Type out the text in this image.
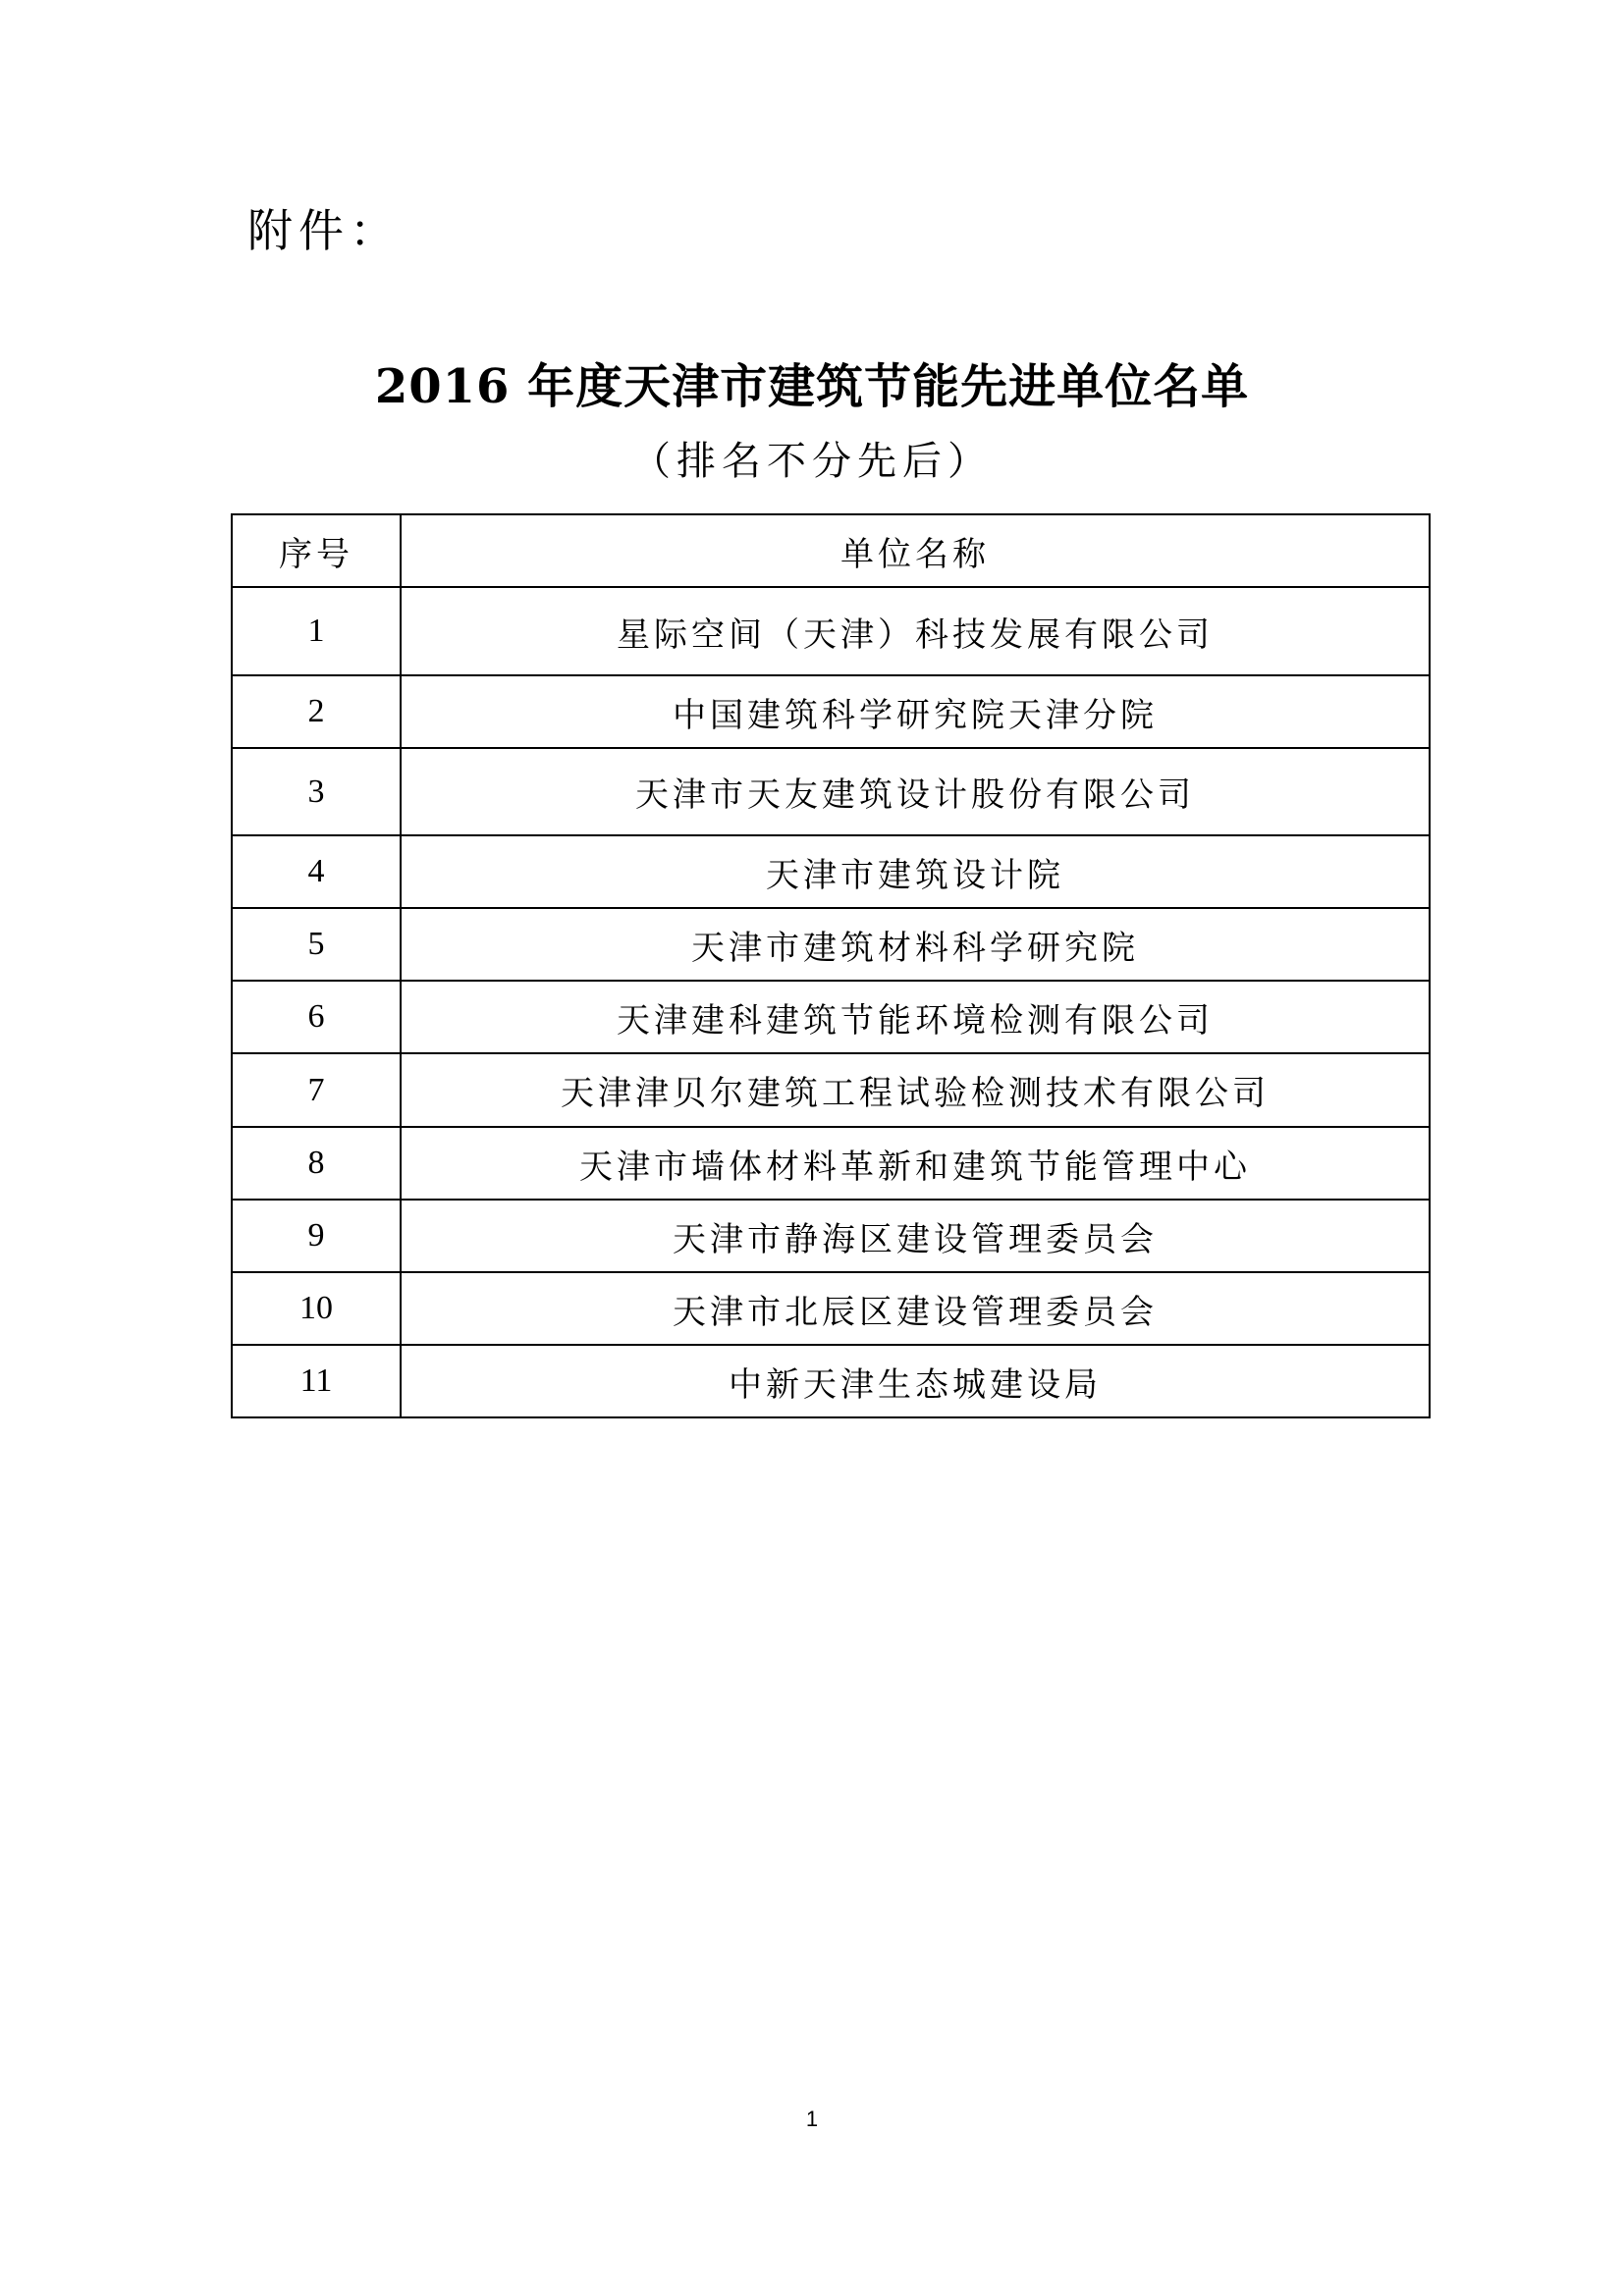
附件：
2016 年度天津市建筑节能先进单位名单
（排名不分先后）
序号	单位名称
1	星际空间（天津）科技发展有限公司
2	中国建筑科学研究院天津分院
3	天津市天友建筑设计股份有限公司
4	天津市建筑设计院
5	天津市建筑材料科学研究院
6	天津建科建筑节能环境检测有限公司
7	天津津贝尔建筑工程试验检测技术有限公司
8	天津市墙体材料革新和建筑节能管理中心
9	天津市静海区建设管理委员会
10	天津市北辰区建设管理委员会
11	中新天津生态城建设局
1
